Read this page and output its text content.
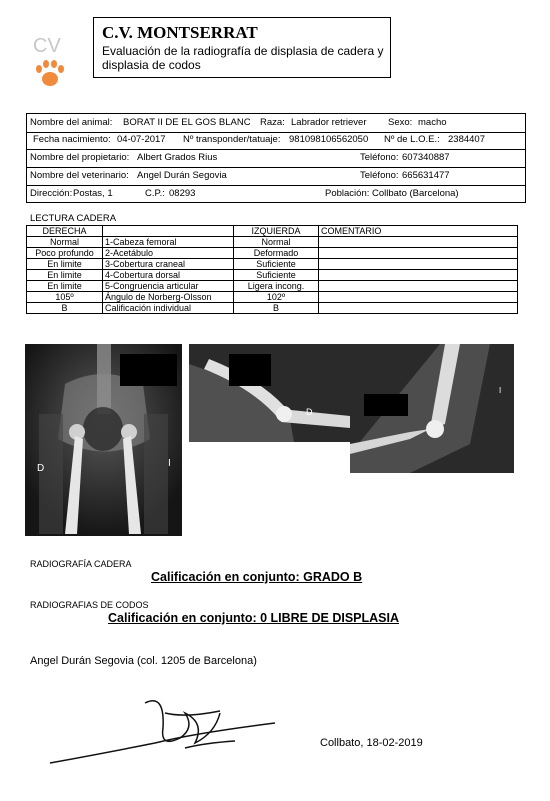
CV
C.V. MONTSERRAT
Evaluación de la radiografía de displasia de cadera y displasia de codos
Nombre del animal: BORAT II DE EL GOS BLANC Raza: Labrador retriever Sexo: macho
Fecha nacimiento: 04-07-2017 Nº transponder/tatuaje: 981098106562050 Nº de L.O.E.: 2384407
Nombre del propietario: Albert Grados Rius	Teléfono: 607340887
Nombre del veterinario: Angel Durán Segovia	Teléfono: 665631477
Dirección: Postas, 1	C.P.: 08293	Población: Collbato (Barcelona)
LECTURA CADERA
DERECHA		IZQUIERDA	COMENTARIO
Normal	1-Cabeza femoral	Normal	
Poco profundo	2-Acetábulo	Deformado	
En limite	3-Cobertura craneal	Suficiente	
En limite	4-Cobertura dorsal	Suficiente	
En limite	5-Congruencia articular	Ligera incong.	
105º	Ángulo de Norberg-Olsson	102º	
B	Calificación individual	B	
D	I
D
I
RADIOGRAFÍA CADERA
Calificación en conjunto: GRADO B
RADIOGRAFIAS DE CODOS
Calificación en conjunto: 0 LIBRE DE DISPLASIA
Angel Durán Segovia (col. 1205 de Barcelona)
Collbato, 18-02-2019
